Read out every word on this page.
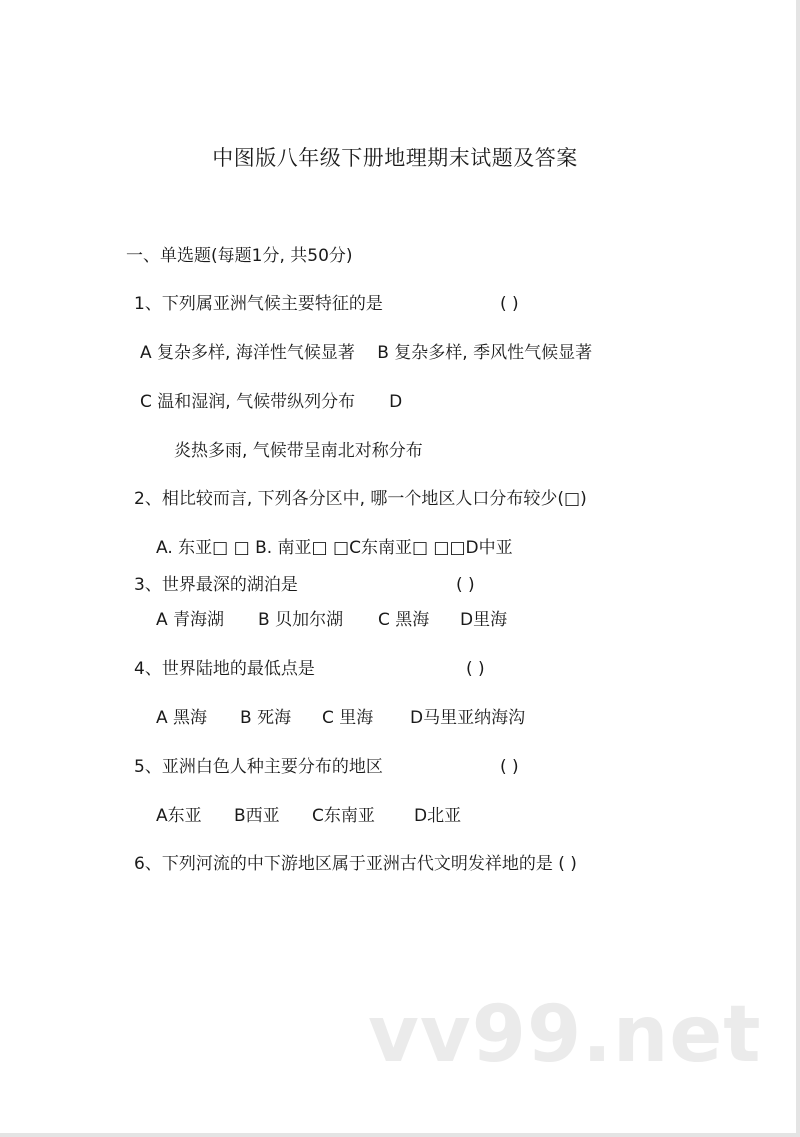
中图版八年级下册地理期末试题及答案
一、单选题(每题1分, 共50分)
1、下列属亚洲气候主要特征的是	( )
A 复杂多样, 海洋性气候显著　 B 复杂多样, 季风性气候显著
C 温和湿润, 气候带纵列分布　　D
炎热多雨, 气候带呈南北对称分布
2、相比较而言, 下列各分区中, 哪一个地区人口分布较少(□)
A. 东亚□ □ B. 南亚□ □C东南亚□ □□D中亚
3、世界最深的湖泊是	( )
A 青海湖 B 贝加尔湖 C 黑海 D里海
4、世界陆地的最低点是	( )
A 黑海 B 死海 C 里海 D马里亚纳海沟
5、亚洲白色人种主要分布的地区	( )
A东亚 B西亚 C东南亚 D北亚
6、下列河流的中下游地区属于亚洲古代文明发祥地的是 ( )
vv99.net
